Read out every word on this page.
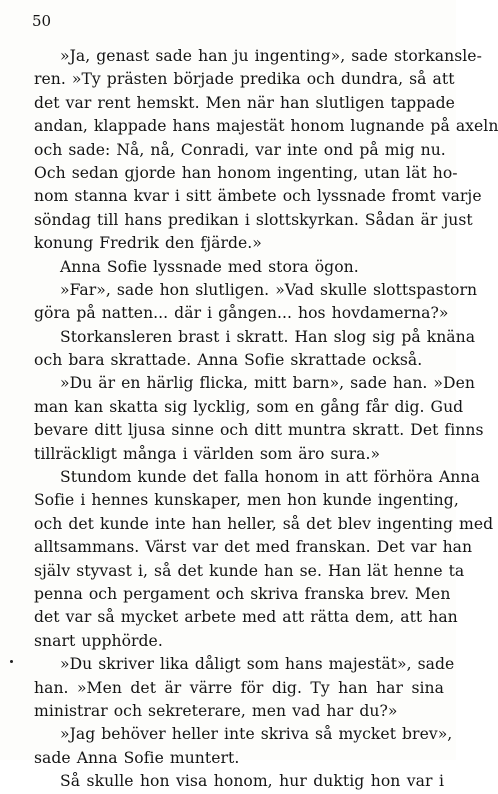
50
»Ja, genast sade han ju ingenting», sade storkansle-
ren. »Ty prästen började predika och dundra, så att
det var rent hemskt. Men när han slutligen tappade
andan, klappade hans majestät honom lugnande på axeln
och sade: Nå, nå, Conradi, var inte ond på mig nu.
Och sedan gjorde han honom ingenting, utan lät ho-
nom stanna kvar i sitt ämbete och lyssnade fromt varje
söndag till hans predikan i slottskyrkan. Sådan är just
konung Fredrik den fjärde.»
Anna Sofie lyssnade med stora ögon.
»Far», sade hon slutligen. »Vad skulle slottspastorn
göra på natten... där i gången... hos hovdamerna?»
Storkansleren brast i skratt. Han slog sig på knäna
och bara skrattade. Anna Sofie skrattade också.
»Du är en härlig flicka, mitt barn», sade han. »Den
man kan skatta sig lycklig, som en gång får dig. Gud
bevare ditt ljusa sinne och ditt muntra skratt. Det finns
tillräckligt många i världen som äro sura.»
Stundom kunde det falla honom in att förhöra Anna
Sofie i hennes kunskaper, men hon kunde ingenting,
och det kunde inte han heller, så det blev ingenting med
alltsammans. Värst var det med franskan. Det var han
själv styvast i, så det kunde han se. Han lät henne ta
penna och pergament och skriva franska brev. Men
det var så mycket arbete med att rätta dem, att han
snart upphörde.
»Du skriver lika dåligt som hans majestät», sade
han. »Men det är värre för dig. Ty han har sina
ministrar och sekreterare, men vad har du?»
»Jag behöver heller inte skriva så mycket brev»,
sade Anna Sofie muntert.
Så skulle hon visa honom, hur duktig hon var i
